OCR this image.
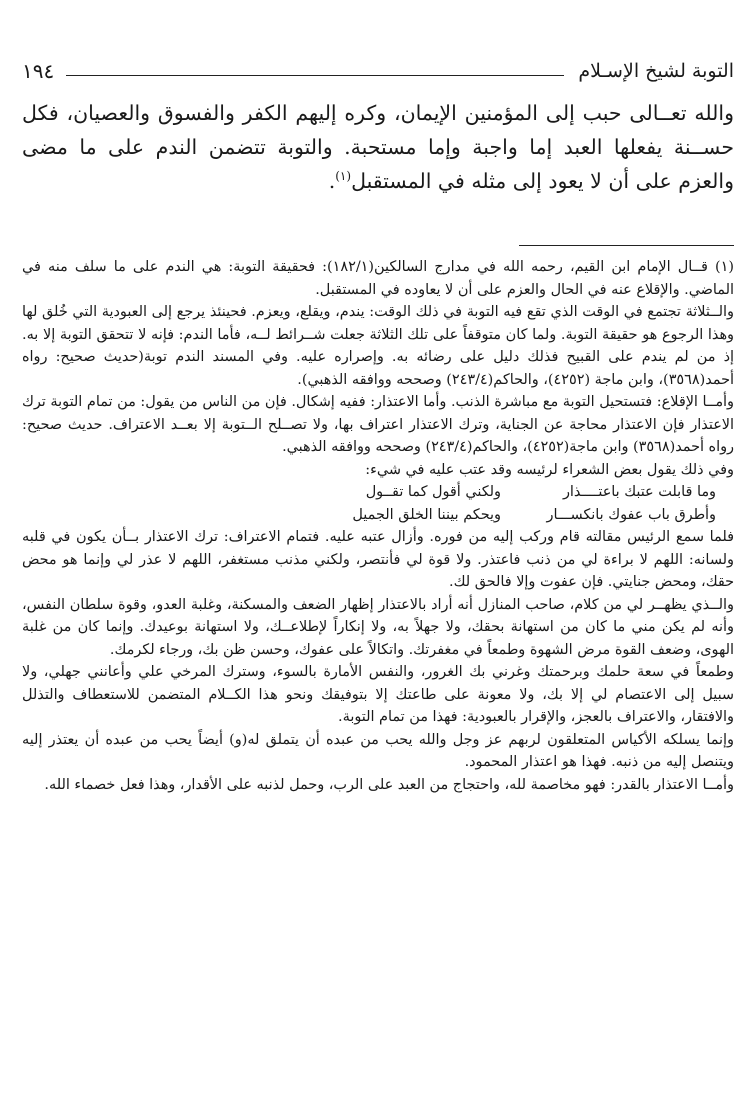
التوبة لشيخ الإسـلام
١٩٤

والله تعــالى حبب إلى المؤمنين الإيمان، وكره إليهم الكفر والفسوق والعصيان، فكل حســنة يفعلها العبد إما واجبة وإما مستحبة. والتوبة تتضمن الندم على ما مضى والعزم على أن لا يعود إلى مثله في المستقبل$^{(١)}$.

(١) قــال الإمام ابن القيم، رحمه الله في مدارج السالكين(١٨٢/١): فحقيقة التوبة: هي الندم على ما سلف منه في الماضي. والإقلاع عنه في الحال والعزم على أن لا يعاوده في المستقبل.

والــثلاثة تجتمع في الوقت الذي تقع فيه التوبة في ذلك الوقت: يندم، ويقلع، ويعزم. فحينئذ يرجع إلى العبودية التي خُلق لها وهذا الرجوع هو حقيقة التوبة. ولما كان متوقفاً على تلك الثلاثة جعلت شــرائط لــه، فأما الندم: فإنه لا تتحقق التوبة إلا به. إذ من لم يندم على القبيح فذلك دليل على رضائه به. وإصراره عليه. وفي المسند الندم توبة(حديث صحيح: رواه أحمد(٣٥٦٨)، وابن ماجة (٤٢٥٢)، والحاكم(٢٤٣/٤) وصححه ووافقه الذهبي).

وأمــا الإقلاع: فتستحيل التوبة مع مباشرة الذنب. وأما الاعتذار: ففيه إشكال. فإن من الناس من يقول: من تمام التوبة ترك الاعتذار فإن الاعتذار محاجة عن الجناية، وترك الاعتذار اعتراف بها، ولا تصــلح الــتوبة إلا بعــد الاعتراف. حديث صحيح: رواه أحمد(٣٥٦٨) وابن ماجة(٤٢٥٢)، والحاكم(٢٤٣/٤) وصححه ووافقه الذهبي.

وفي ذلك يقول بعض الشعراء لرئيسه وقد عتب عليه في شيء:

وما قابلت عتبك باعتــــذار
ولكني أقول كما تقــول
وأطرق باب عفوك بانكســـار
ويحكم بيننا الخلق الجميل

فلما سمع الرئيس مقالته قام وركب إليه من فوره. وأزال عتبه عليه. فتمام الاعتراف: ترك الاعتذار بــأن يكون في قلبه ولسانه: اللهم لا براءة لي من ذنب فاعتذر. ولا قوة لي فأنتصر، ولكني مذنب مستغفر، اللهم لا عذر لي وإنما هو محض حقك، ومحض جنايتي. فإن عفوت وإلا فالحق لك.

والــذي يظهــر لي من كلام، صاحب المنازل أنه أراد بالاعتذار إظهار الضعف والمسكنة، وغلبة العدو، وقوة سلطان النفس، وأنه لم يكن مني ما كان من استهانة بحقك، ولا جهلاً به، ولا إنكاراً لإطلاعــك، ولا استهانة بوعيدك. وإنما كان من غلبة الهوى، وضعف القوة مرض الشهوة وطمعاً في مغفرتك. واتكالاً على عفوك، وحسن ظن بك، ورجاء لكرمك.

وطمعاً في سعة حلمك وبرحمتك وغرني بك الغرور، والنفس الأمارة بالسوء، وسترك المرخي علي وأعانني جهلي، ولا سبيل إلى الاعتصام لي إلا بك، ولا معونة على طاعتك إلا بتوفيقك ونحو هذا الكــلام المتضمن للاستعطاف والتذلل والافتقار، والاعتراف بالعجز، والإقرار بالعبودية: فهذا من تمام التوبة.

وإنما يسلكه الأكياس المتعلقون لربهم عز وجل والله يحب من عبده أن يتملق له(و) أيضاً يحب من عبده أن يعتذر إليه ويتنصل إليه من ذنبه. فهذا هو اعتذار المحمود.

وأمــا الاعتذار بالقدر: فهو مخاصمة لله، واحتجاج من العبد على الرب، وحمل لذنبه على الأقدار، وهذا فعل خصماء الله.
